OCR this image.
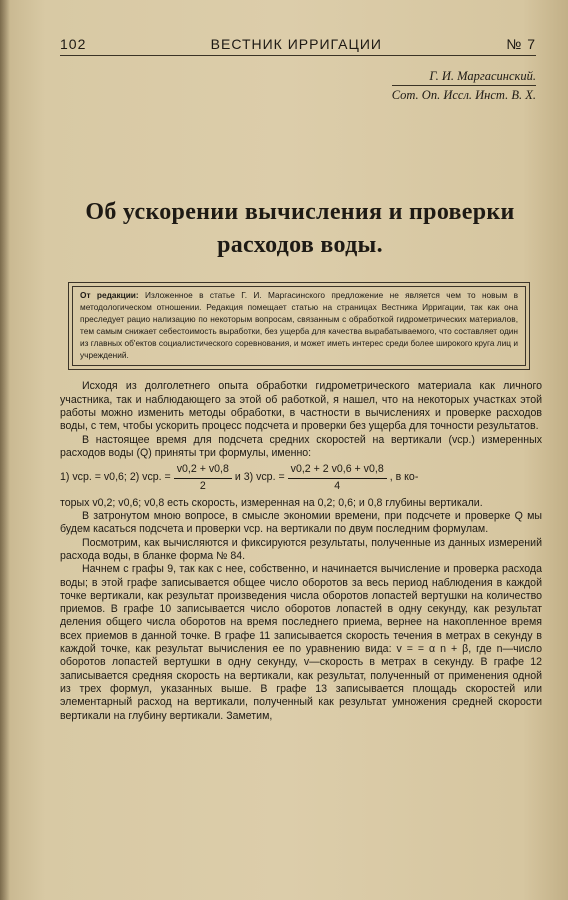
102	ВЕСТНИК ИРРИГАЦИИ	№ 7
Г. И. Маргасинский.
Сот. Оп. Иссл. Инст. В. Х.
Об ускорении вычисления и проверки
расходов воды.
От редакции: Изложенное в статье Г. И. Маргасинского предложение не является чем то новым в методологическом отношении. Редакция помещает статью на страницах Вестника Ирригации, так как она преследует рацио нализацию по некоторым вопросам, связанным с обработкой гидрометрических материалов, тем самым снижает себестоимость выработки, без ущерба для качества вырабатываемого, что составляет один из главных об'ектов социалистического соревнования, и может иметь интерес среди более широкого круга лиц и учреждений.

Исходя из долголетнего опыта обработки гидрометрического материала как личного участника, так и наблюдающего за этой об работкой, я нашел, что на некоторых участках этой работы можно изменить методы обработки, в частности в вычислениях и проверке расходов воды, с тем, чтобы ускорить процесс подсчета и проверки без ущерба для точности результатов.

В настоящее время для подсчета средних скоростей на вертикали (vср.) измеренных расходов воды (Q) приняты три формулы, именно:

1)
vср. = v0,6;
2) vср. = $\frac{v0,2 + v0,8}{2}$ и 3) vср. = $\frac{v0,2 + 2 v0,6 + v0,8}{4}$ , в ко-

торых v0,2; v0,6; v0,8 есть скорость, измеренная на 0,2; 0,6; и 0,8 глубины вертикали.

В затронутом мною вопросе, в смысле экономии времени, при подсчете и проверке Q мы будем касаться подсчета и проверки vср. на вертикали по двум последним формулам.

Посмотрим, как вычисляются и фиксируются результаты, полученные из данных измерений расхода воды, в бланке форма № 84.

Начнем с графы 9, так как с нее, собственно, и начинается вычисление и проверка расхода воды; в этой графе записывается общее число оборотов за весь период наблюдения в каждой точке вертикали, как результат произведения числа оборотов лопастей вертушки на количество приемов. В графе 10 записывается число оборотов лопастей в одну секунду, как результат деления общего числа оборотов на время последнего приема, вернее на накопленное время всех приемов в данной точке. В графе 11 записывается скорость течения в метрах в секунду в каждой точке, как результат вычисления ее по уравнению вида: v = = α n + β, где n—число оборотов лопастей вертушки в одну секунду, v—скорость в метрах в секунду. В графе 12 записывается средняя скорость на вертикали, как результат, полученный от применения одной из трех формул, указанных выше. В графе 13 записывается площадь скоростей или элементарный расход на вертикали, полученный как результат умножения средней скорости вертикали на глубину вертикали. Заметим,
